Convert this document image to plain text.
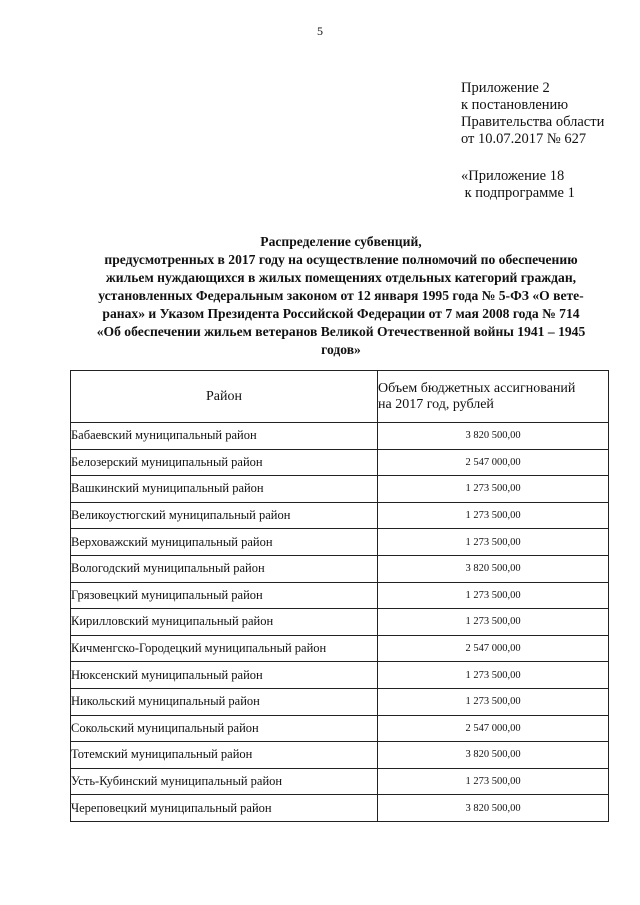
5
Приложение 2
к постановлению
Правительства области
от 10.07.2017 № 627
«Приложение 18
к подпрограмме 1
Распределение субвенций,
предусмотренных в 2017 году на осуществление полномочий по обеспечению
жильем нуждающихся в жилых помещениях отдельных категорий граждан,
установленных Федеральным законом от 12 января 1995 года № 5-ФЗ «О вете-
ранах» и Указом Президента Российской Федерации от 7 мая 2008 года № 714
«Об обеспечении жильем ветеранов Великой Отечественной войны 1941 – 1945
годов»
Район	Объем бюджетных ассигнований
на 2017 год, рублей

Бабаевский муниципальный район	3 820 500,00
Белозерский муниципальный район	2 547 000,00
Вашкинский муниципальный район	1 273 500,00
Великоустюгский муниципальный район	1 273 500,00
Верховажский муниципальный район	1 273 500,00
Вологодский муниципальный район	3 820 500,00
Грязовецкий муниципальный район	1 273 500,00
Кирилловский муниципальный район	1 273 500,00
Кичменгско-Городецкий муниципальный район	2 547 000,00
Нюксенский муниципальный район	1 273 500,00
Никольский муниципальный район	1 273 500,00
Сокольский муниципальный район	2 547 000,00
Тотемский муниципальный район	3 820 500,00
Усть-Кубинский муниципальный район	1 273 500,00
Череповецкий муниципальный район	3 820 500,00
